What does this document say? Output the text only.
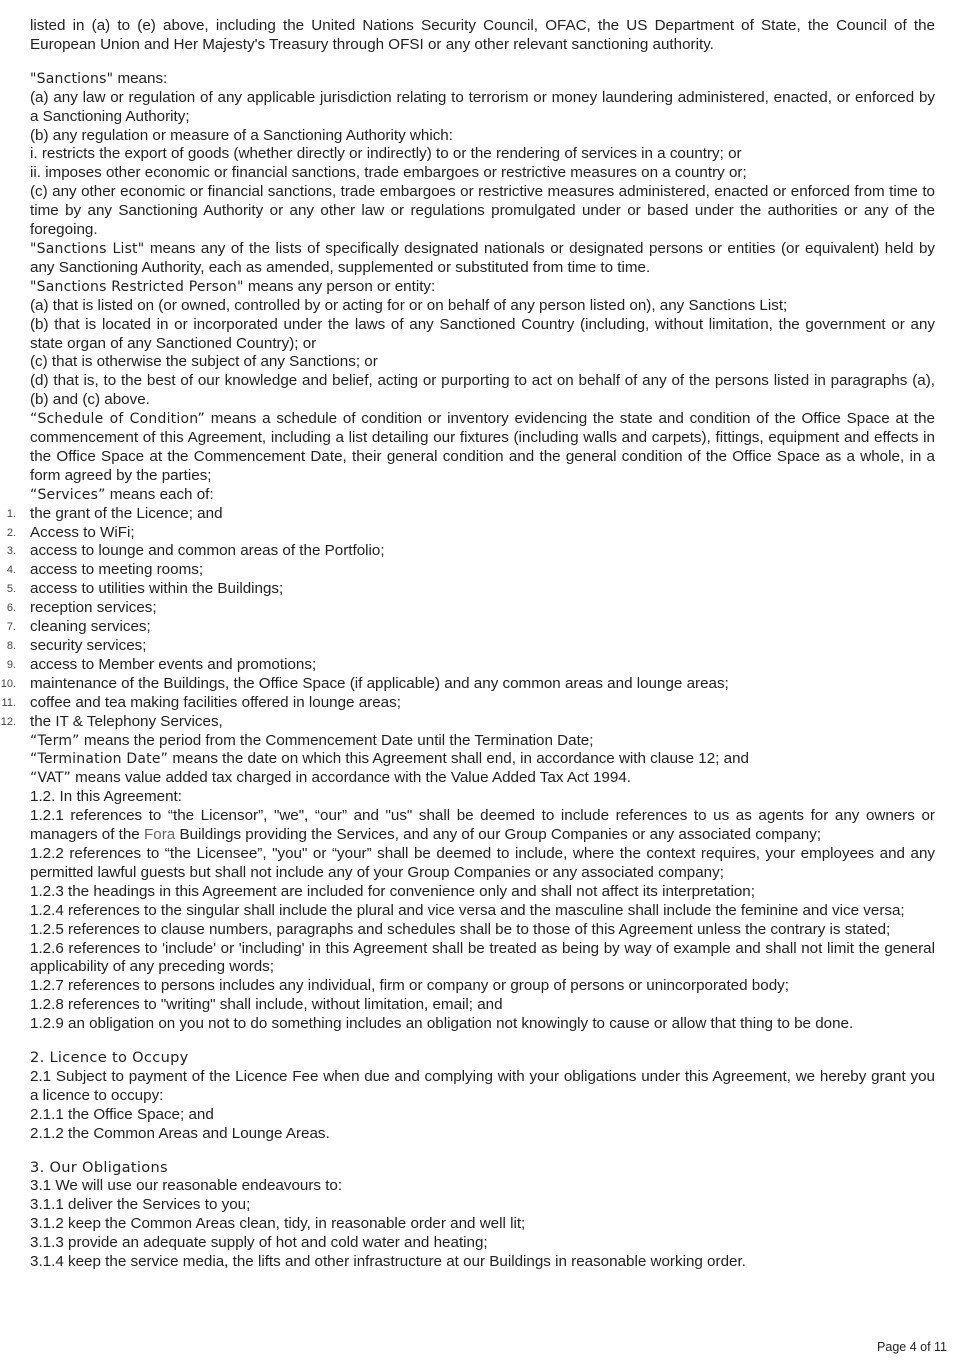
listed in (a) to (e) above, including the United Nations Security Council, OFAC, the US Department of State, the Council of the European Union and Her Majesty's Treasury through OFSI or any other relevant sanctioning authority.
"Sanctions" means:
(a) any law or regulation of any applicable jurisdiction relating to terrorism or money laundering administered, enacted, or enforced by a Sanctioning Authority;
(b) any regulation or measure of a Sanctioning Authority which:
i. restricts the export of goods (whether directly or indirectly) to or the rendering of services in a country; or
ii. imposes other economic or financial sanctions, trade embargoes or restrictive measures on a country or;
(c) any other economic or financial sanctions, trade embargoes or restrictive measures administered, enacted or enforced from time to time by any Sanctioning Authority or any other law or regulations promulgated under or based under the authorities or any of the foregoing.
"Sanctions List" means any of the lists of specifically designated nationals or designated persons or entities (or equivalent) held by any Sanctioning Authority, each as amended, supplemented or substituted from time to time.
"Sanctions Restricted Person" means any person or entity:
(a) that is listed on (or owned, controlled by or acting for or on behalf of any person listed on), any Sanctions List;
(b) that is located in or incorporated under the laws of any Sanctioned Country (including, without limitation, the government or any state organ of any Sanctioned Country); or
(c) that is otherwise the subject of any Sanctions; or
(d) that is, to the best of our knowledge and belief, acting or purporting to act on behalf of any of the persons listed in paragraphs (a), (b) and (c) above.
“Schedule of Condition” means a schedule of condition or inventory evidencing the state and condition of the Office Space at the commencement of this Agreement, including a list detailing our fixtures (including walls and carpets), fittings, equipment and effects in the Office Space at the Commencement Date, their general condition and the general condition of the Office Space as a whole, in a form agreed by the parties;
“Services” means each of:
1. the grant of the Licence; and
2. Access to WiFi;
3. access to lounge and common areas of the Portfolio;
4. access to meeting rooms;
5. access to utilities within the Buildings;
6. reception services;
7. cleaning services;
8. security services;
9. access to Member events and promotions;
10. maintenance of the Buildings, the Office Space (if applicable) and any common areas and lounge areas;
11. coffee and tea making facilities offered in lounge areas;
12. the IT & Telephony Services,
“Term” means the period from the Commencement Date until the Termination Date;
“Termination Date” means the date on which this Agreement shall end, in accordance with clause 12; and
“VAT” means value added tax charged in accordance with the Value Added Tax Act 1994.
1.2. In this Agreement:
1.2.1 references to “the Licensor”, "we", “our” and "us" shall be deemed to include references to us as agents for any owners or managers of the Fora Buildings providing the Services, and any of our Group Companies or any associated company;
1.2.2 references to “the Licensee”, "you" or “your” shall be deemed to include, where the context requires, your employees and any permitted lawful guests but shall not include any of your Group Companies or any associated company;
1.2.3 the headings in this Agreement are included for convenience only and shall not affect its interpretation;
1.2.4 references to the singular shall include the plural and vice versa and the masculine shall include the feminine and vice versa;
1.2.5 references to clause numbers, paragraphs and schedules shall be to those of this Agreement unless the contrary is stated;
1.2.6 references to 'include' or 'including' in this Agreement shall be treated as being by way of example and shall not limit the general applicability of any preceding words;
1.2.7 references to persons includes any individual, firm or company or group of persons or unincorporated body;
1.2.8 references to "writing" shall include, without limitation, email; and
1.2.9 an obligation on you not to do something includes an obligation not knowingly to cause or allow that thing to be done.
2. Licence to Occupy
2.1 Subject to payment of the Licence Fee when due and complying with your obligations under this Agreement, we hereby grant you a licence to occupy:
2.1.1 the Office Space; and
2.1.2 the Common Areas and Lounge Areas.
3. Our Obligations
3.1 We will use our reasonable endeavours to:
3.1.1 deliver the Services to you;
3.1.2 keep the Common Areas clean, tidy, in reasonable order and well lit;
3.1.3 provide an adequate supply of hot and cold water and heating;
3.1.4 keep the service media, the lifts and other infrastructure at our Buildings in reasonable working order.
Page 4 of 11
